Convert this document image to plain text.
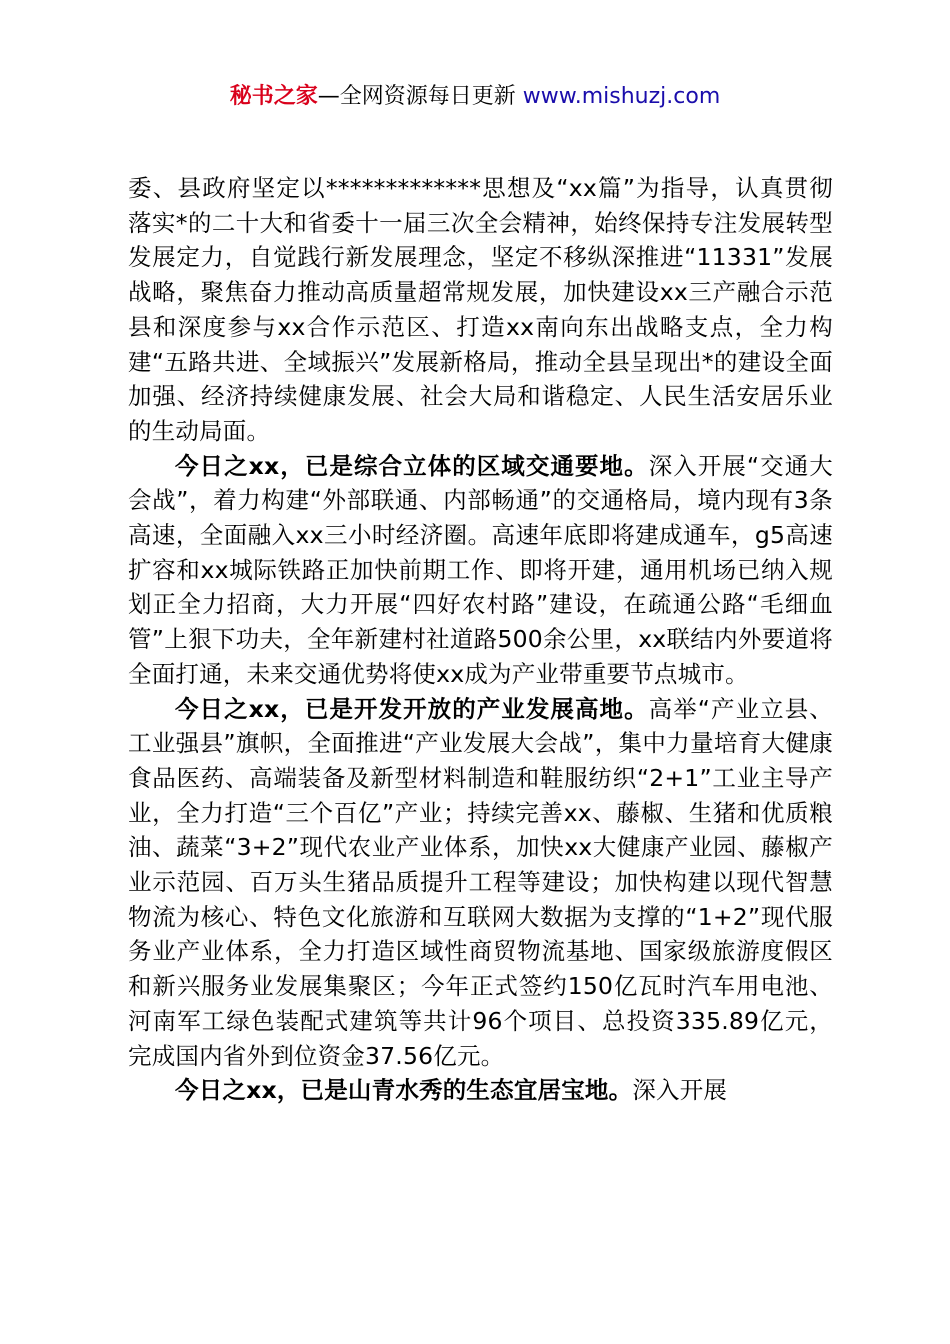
秘书之家—全网资源每日更新 www.mishuzj.com

委、县政府坚定以*************思想及“xx篇”为指导，认真贯彻落实*的二十大和省委十一届三次全会精神，始终保持专注发展转型发展定力，自觉践行新发展理念，坚定不移纵深推进“11331”发展战略，聚焦奋力推动高质量超常规发展，加快建设xx三产融合示范县和深度参与xx合作示范区、打造xx南向东出战略支点，全力构建“五路共进、全域振兴”发展新格局，推动全县呈现出*的建设全面加强、经济持续健康发展、社会大局和谐稳定、人民生活安居乐业的生动局面。

今日之xx，已是综合立体的区域交通要地。深入开展“交通大会战”，着力构建“外部联通、内部畅通”的交通格局，境内现有3条高速，全面融入xx三小时经济圈。高速年底即将建成通车，g5高速扩容和xx城际铁路正加快前期工作、即将开建，通用机场已纳入规划正全力招商，大力开展“四好农村路”建设，在疏通公路“毛细血管”上狠下功夫，全年新建村社道路500余公里，xx联结内外要道将全面打通，未来交通优势将使xx成为产业带重要节点城市。

今日之xx，已是开发开放的产业发展高地。高举“产业立县、工业强县”旗帜，全面推进“产业发展大会战”，集中力量培育大健康食品医药、高端装备及新型材料制造和鞋服纺织“2+1”工业主导产业，全力打造“三个百亿”产业；持续完善xx、藤椒、生猪和优质粮油、蔬菜“3+2”现代农业产业体系，加快xx大健康产业园、藤椒产业示范园、百万头生猪品质提升工程等建设；加快构建以现代智慧物流为核心、特色文化旅游和互联网大数据为支撑的“1+2”现代服务业产业体系，全力打造区域性商贸物流基地、国家级旅游度假区和新兴服务业发展集聚区；今年正式签约150亿瓦时汽车用电池、河南军工绿色装配式建筑等共计96个项目、总投资335.89亿元，完成国内省外到位资金37.56亿元。

今日之xx，已是山青水秀的生态宜居宝地。深入开展
